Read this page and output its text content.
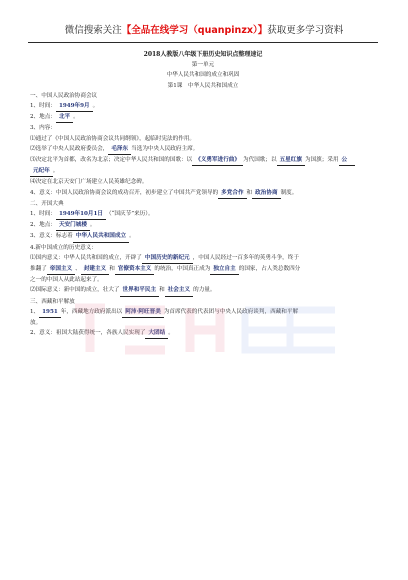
微信搜索关注【全品在线学习（quanpinzx）】获取更多学习资料

2018人教版八年级下册历史知识点整理速记

第一单元

中华人民共和国的成立和巩固

第1课　中华人民共和国成立

一、中国人民政治协商会议

1、时间： 1949年9月 。

2、地点： 北平 。

3、内容：

⑴通过了《中国人民政治协商会议共同纲领》，起临时宪法的作用。

⑵选举了中央人民政府委员会， 毛泽东 当选为中央人民政府主席。

⑶决定北平为首都，改名为北京；决定中华人民共和国的国歌：以 《义勇军进行曲》 为代国歌；以 五星红旗 为国旗；采用 公

元纪年 。

⑷决定在北京天安门广场建立人民英雄纪念碑。

4、意义：中国人民政治协商会议的成功召开，初步建立了中国共产党领导的 多党合作 和 政治协商 制度。

二、开国大典

1、时间： 1949年10月1日 （“国庆节”来历）。

2、地点： 天安门城楼 。

3、意义：标志着 中华人民共和国成立 。

4.新中国成立的历史意义：

⑴国内意义：中华人民共和国的成立，开辟了 中国历史的新纪元 ，中国人民经过一百多年的英勇斗争，终于

推翻了 帝国主义 、 封建主义 和 官僚资本主义 的统治，中国真正成为 独立自主 的国家，占人类总数四分

之一的中国人从此站起来了。

⑵国际意义：新中国的成立，壮大了 世界和平民主 和 社会主义 的力量。

三、西藏和平解放

1、 1951 年，西藏地方政府派出以 阿沛·阿旺晋美 为首席代表的代表团与中央人民政府谈判，西藏和平解

放。

2、意义：祖国大陆获得统一，各族人民实现了 大团结 。
